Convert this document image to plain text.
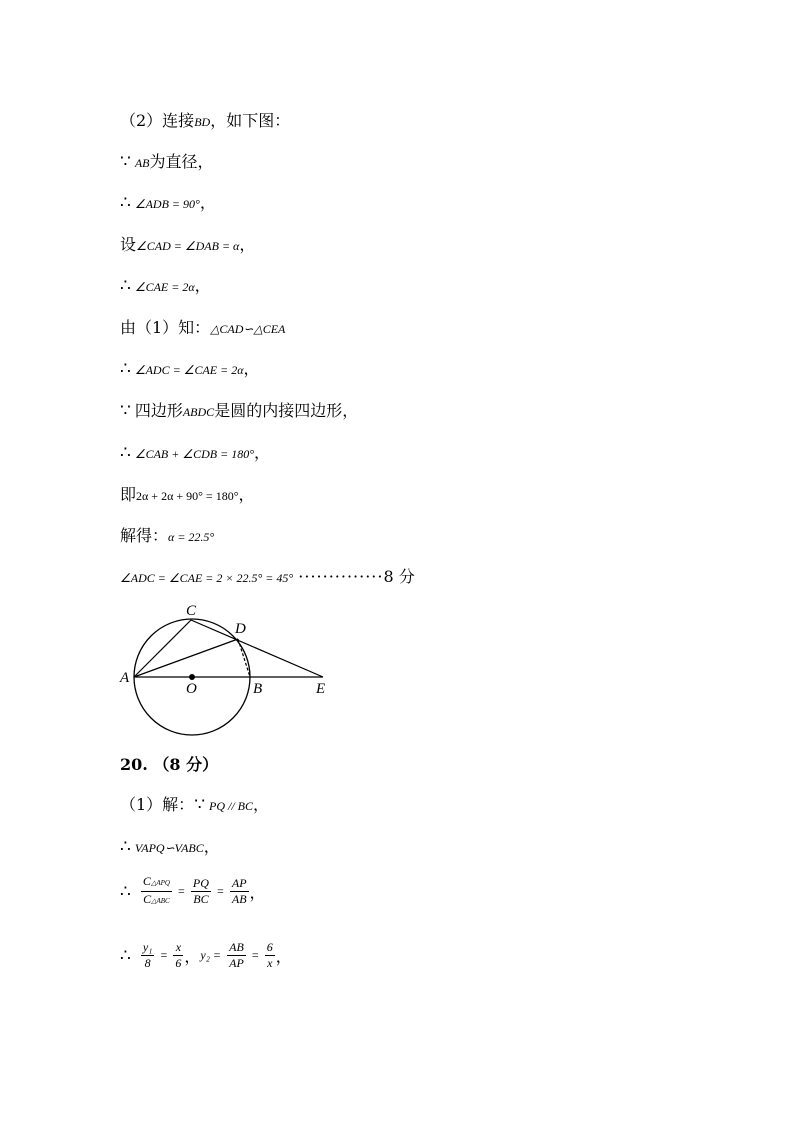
（2）连接BD，如下图：
∵ AB为直径，
∴ ∠ADB = 90°，
设∠CAD = ∠DAB = α，
∴ ∠CAE = 2α，
由（1）知：△CAD∽△CEA
∴ ∠ADC = ∠CAE = 2α，
∵ 四边形ABDC是圆的内接四边形，
∴ ∠CAB + ∠CDB = 180°，
即2α + 2α + 90° = 180°，
解得：α = 22.5°
∠ADC = ∠CAE = 2 × 22.5° = 45° ··············8 分
C
D
A
O	B	E
20. （8 分）
（1）解：∵ PQ // BC，
∴ VAPQ∽VABC，
∴ $\frac{\text{C△APQ}}{\text{C△ABC}} = \frac{PQ}{BC} = \frac{AP}{AB}$ ，
∴ $\frac{\text{y₁}}{8} = \frac{x}{6}$ ，$y_2 = \frac{AB}{AP} = \frac{6}{x}$ ，
